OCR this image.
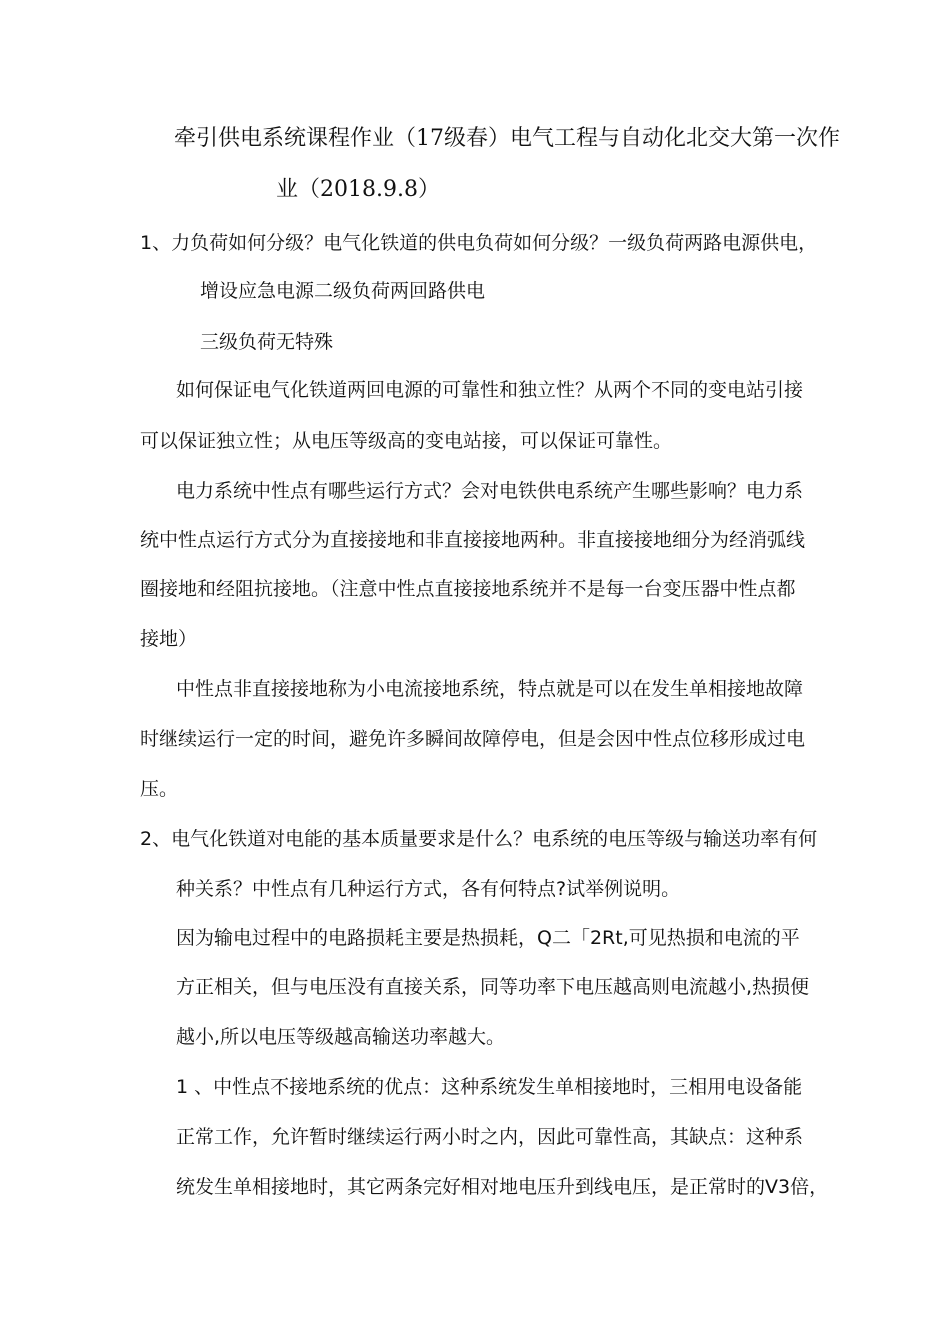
牵引供电系统课程作业（17级春）电气工程与自动化北交大第一次作
业（2018.9.8）
1、力负荷如何分级？电气化铁道的供电负荷如何分级？一级负荷两路电源供电，
增设应急电源二级负荷两回路供电
三级负荷无特殊
如何保证电气化铁道两回电源的可靠性和独立性？从两个不同的变电站引接
可以保证独立性；从电压等级高的变电站接，可以保证可靠性。
电力系统中性点有哪些运行方式？会对电铁供电系统产生哪些影响？电力系
统中性点运行方式分为直接接地和非直接接地两种。非直接接地细分为经消弧线
圈接地和经阻抗接地。（注意中性点直接接地系统并不是每一台变压器中性点都
接地）
中性点非直接接地称为小电流接地系统，特点就是可以在发生单相接地故障
时继续运行一定的时间，避免许多瞬间故障停电，但是会因中性点位移形成过电
压。
2、电气化铁道对电能的基本质量要求是什么？电系统的电压等级与输送功率有何
种关系？中性点有几种运行方式，各有何特点?试举例说明。
因为输电过程中的电路损耗主要是热损耗，Q二「2Rt,可见热损和电流的平
方正相关，但与电压没有直接关系，同等功率下电压越高则电流越小,热损便
越小,所以电压等级越高输送功率越大。
1 、中性点不接地系统的优点：这种系统发生单相接地时，三相用电设备能
正常工作，允许暂时继续运行两小时之内，因此可靠性高，其缺点：这种系
统发生单相接地时，其它两条完好相对地电压升到线电压，是正常时的V3倍，
